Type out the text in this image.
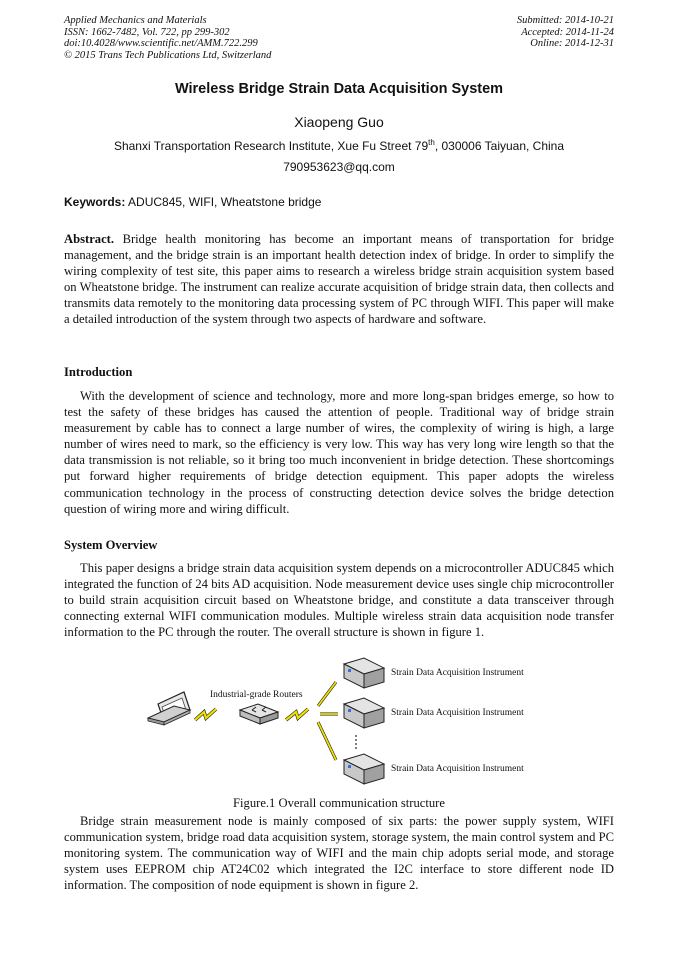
Applied Mechanics and Materials
ISSN: 1662-7482, Vol. 722, pp 299-302
doi:10.4028/www.scientific.net/AMM.722.299
© 2015 Trans Tech Publications Ltd, Switzerland
Submitted: 2014-10-21
Accepted: 2014-11-24
Online: 2014-12-31
Wireless Bridge Strain Data Acquisition System
Xiaopeng Guo
Shanxi Transportation Research Institute, Xue Fu Street 79th, 030006 Taiyuan, China
790953623@qq.com
Keywords: ADUC845, WIFI, Wheatstone bridge
Abstract. Bridge health monitoring has become an important means of transportation for bridge management, and the bridge strain is an important health detection index of bridge. In order to simplify the wiring complexity of test site, this paper aims to research a wireless bridge strain acquisition system based on Wheatstone bridge. The instrument can realize accurate acquisition of bridge strain data, then collects and transmits data remotely to the monitoring data processing system of PC through WIFI. This paper will make a detailed introduction of the system through two aspects of hardware and software.
Introduction
With the development of science and technology, more and more long-span bridges emerge, so how to test the safety of these bridges has caused the attention of people. Traditional way of bridge strain measurement by cable has to connect a large number of wires, the complexity of wiring is high, a large number of wires need to mark, so the efficiency is very low. This way has very long wire length so that the data transmission is not reliable, so it bring too much inconvenient in bridge detection. These shortcomings put forward higher requirements of bridge detection equipment. This paper adopts the wireless communication technology in the process of constructing detection device solves the bridge detection question of wiring more and wiring difficult.
System Overview
This paper designs a bridge strain data acquisition system depends on a microcontroller ADUC845 which integrated the function of 24 bits AD acquisition. Node measurement device uses single chip microcontroller to build strain acquisition circuit based on Wheatstone bridge, and constitute a data transceiver through connecting external WIFI communication modules. Multiple wireless strain data acquisition node transfer information to the PC through the router. The overall structure is shown in figure 1.
Industrial-grade Routers
Strain Data Acquisition Instrument
Strain Data Acquisition Instrument
Strain Data Acquisition Instrument
Figure.1 Overall communication structure
Bridge strain measurement node is mainly composed of six parts: the power supply system, WIFI communication system, bridge road data acquisition system, storage system, the main control system and PC monitoring system. The communication way of WIFI and the main chip adopts serial mode, and storage system uses EEPROM chip AT24C02 which integrated the I2C interface to store different node ID information. The composition of node equipment is shown in figure 2.
